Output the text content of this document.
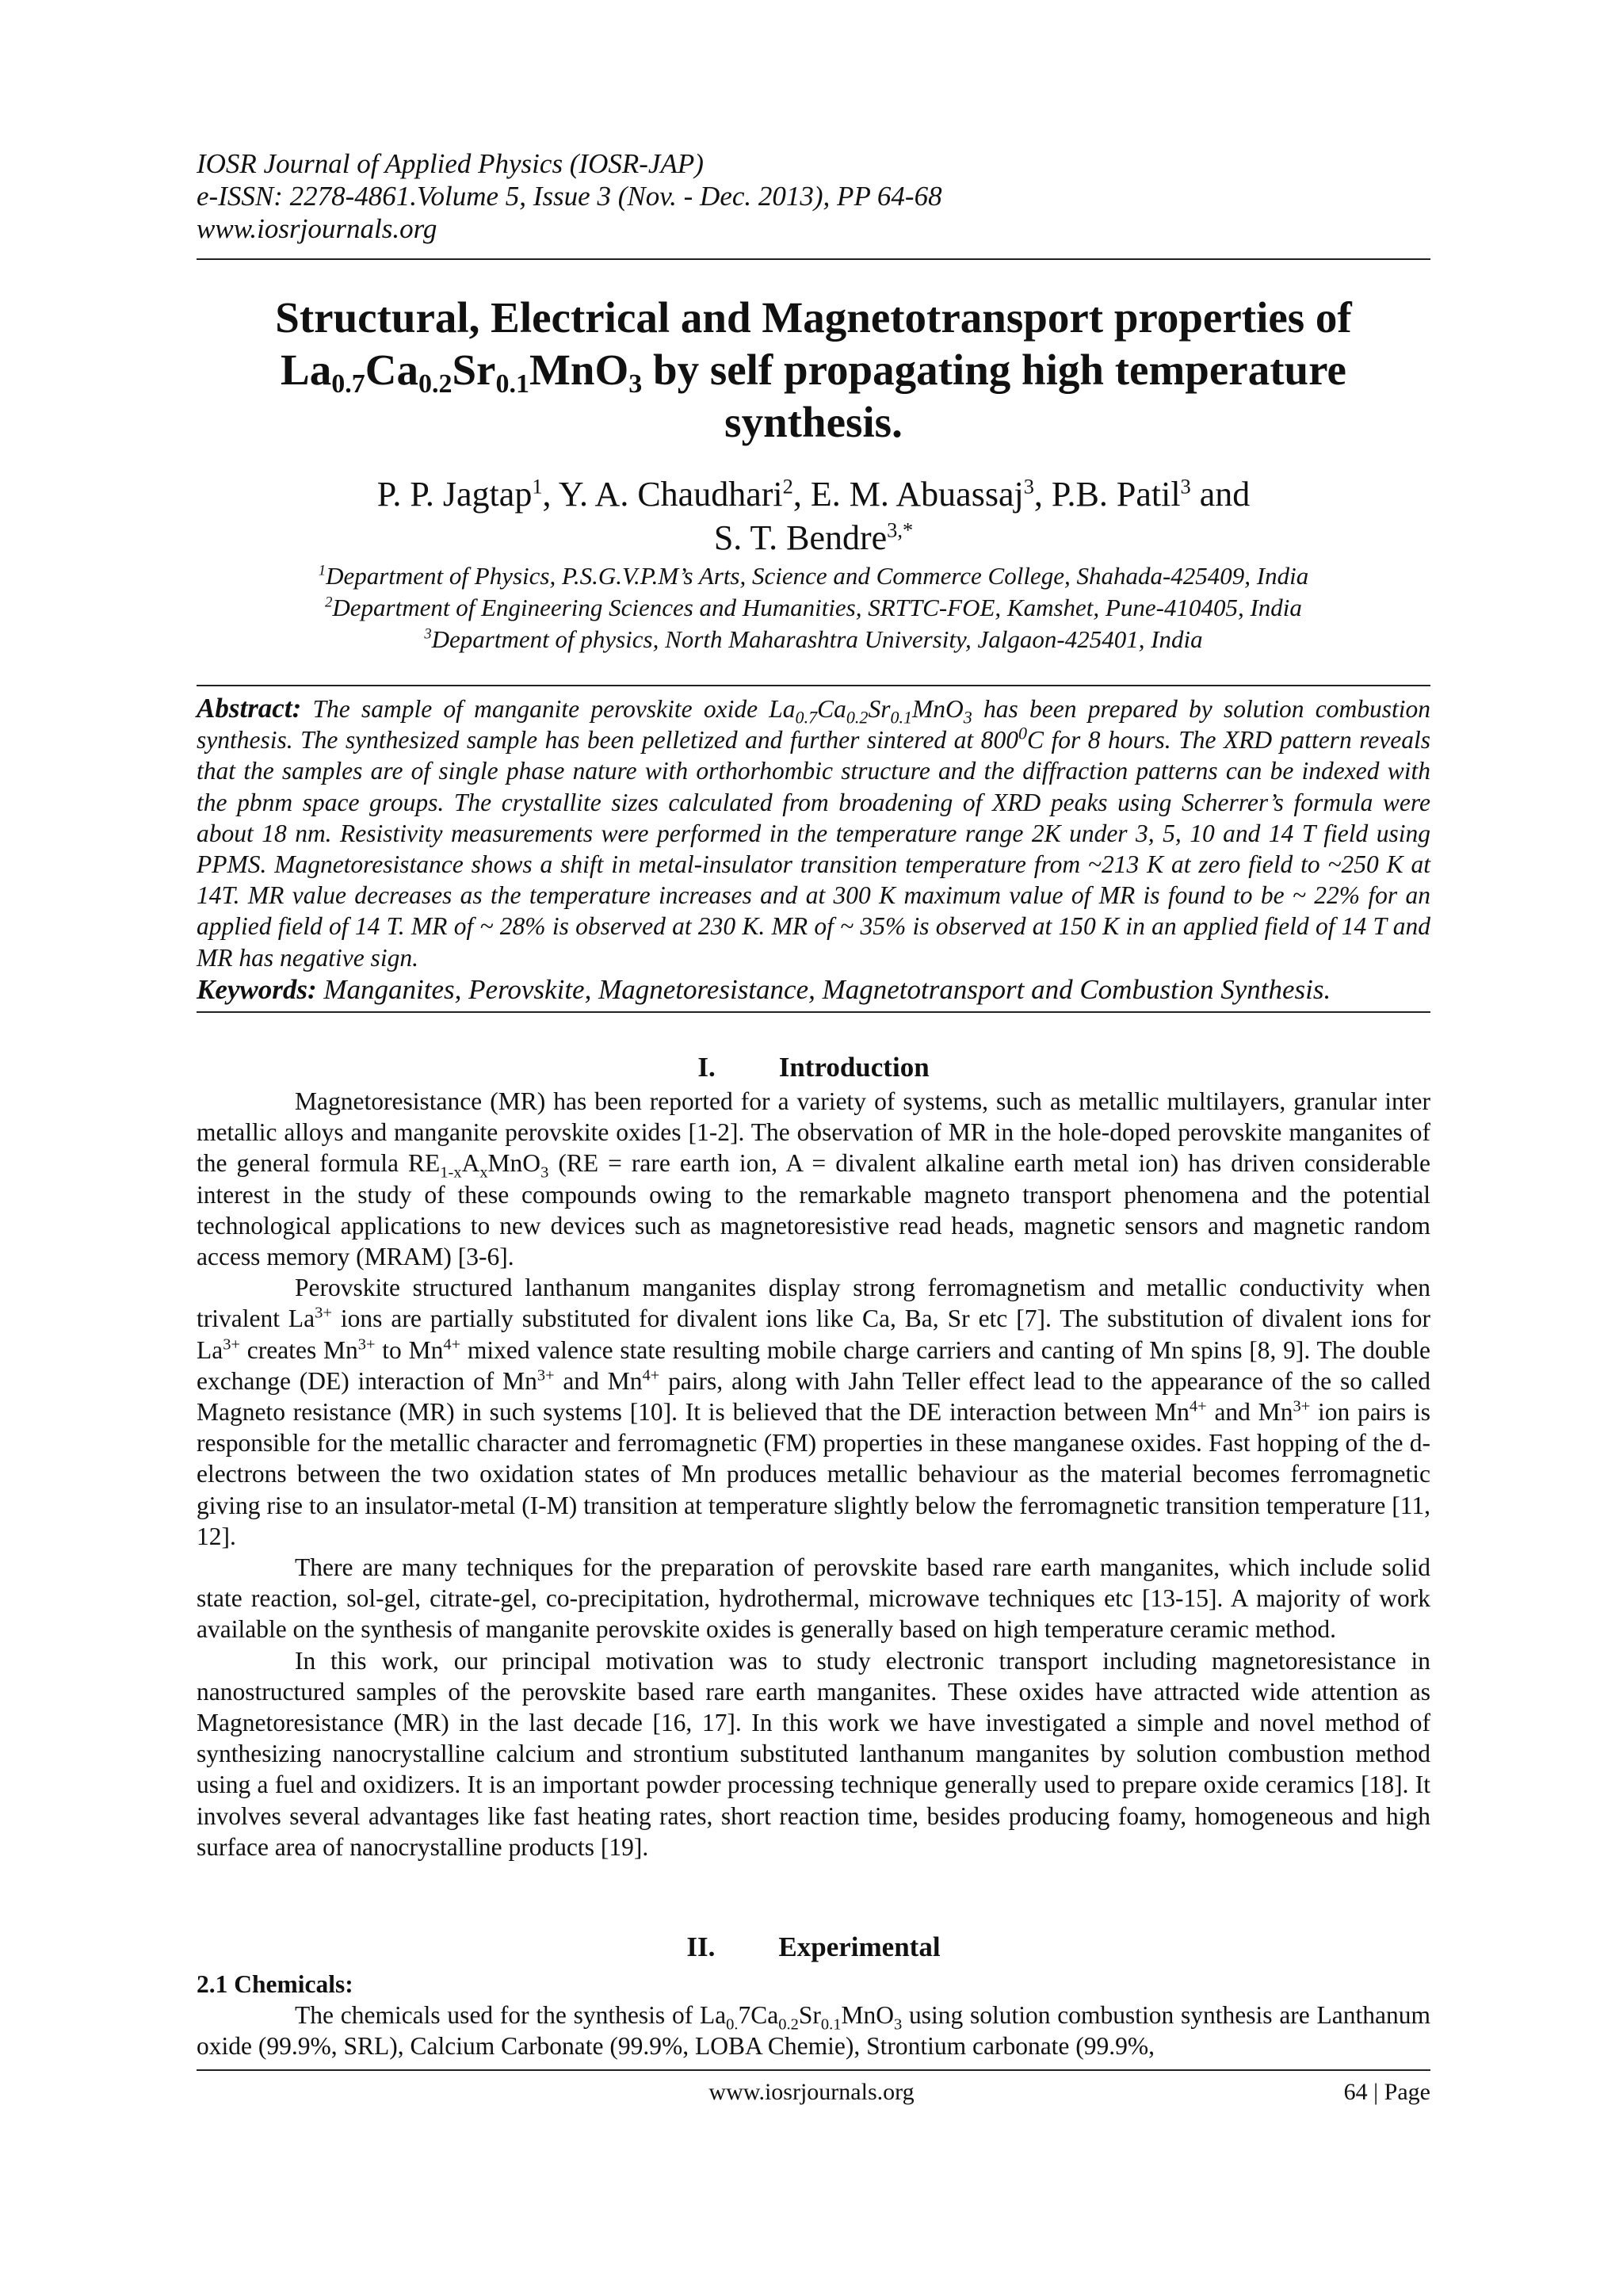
IOSR Journal of Applied Physics (IOSR-JAP)
e-ISSN: 2278-4861.Volume 5, Issue 3 (Nov. - Dec. 2013), PP 64-68
www.iosrjournals.org
Structural, Electrical and Magnetotransport properties of
$La_{0.7}Ca_{0.2}Sr_{0.1}MnO_3$ by self propagating high temperature
synthesis.
P. P. Jagtap$^1$, Y. A. Chaudhari$^2$, E. M. Abuassaj$^3$, P.B. Patil$^3$ and
S. T. Bendre$^{3,*}$
$^1$Department of Physics, P.S.G.V.P.M’s Arts, Science and Commerce College, Shahada-425409, India
$^2$Department of Engineering Sciences and Humanities, SRTTC-FOE, Kamshet, Pune-410405, India
$^3$Department of physics, North Maharashtra University, Jalgaon-425401, India
Abstract: The sample of manganite perovskite oxide $La_{0.7}Ca_{0.2}Sr_{0.1}MnO_3$ has been prepared by solution combustion synthesis. The synthesized sample has been pelletized and further sintered at $800^0C$ for 8 hours. The XRD pattern reveals that the samples are of single phase nature with orthorhombic structure and the diffraction patterns can be indexed with the pbnm space groups. The crystallite sizes calculated from broadening of XRD peaks using Scherrer’s formula were about 18 nm. Resistivity measurements were performed in the temperature range 2K under 3, 5, 10 and 14 T field using PPMS. Magnetoresistance shows a shift in metal-insulator transition temperature from ~213 K at zero field to ~250 K at 14T. MR value decreases as the temperature increases and at 300 K maximum value of MR is found to be ~ 22% for an applied field of 14 T. MR of ~ 28% is observed at 230 K. MR of ~ 35% is observed at 150 K in an applied field of 14 T and MR has negative sign.
Keywords: Manganites, Perovskite, Magnetoresistance, Magnetotransport and Combustion Synthesis.
I. Introduction

Magnetoresistance (MR) has been reported for a variety of systems, such as metallic multilayers, granular inter metallic alloys and manganite perovskite oxides [1-2]. The observation of MR in the hole-doped perovskite manganites of the general formula $RE_{1-x}A_xMnO_3$ (RE = rare earth ion, A = divalent alkaline earth metal ion) has driven considerable interest in the study of these compounds owing to the remarkable magneto transport phenomena and the potential technological applications to new devices such as magnetoresistive read heads, magnetic sensors and magnetic random access memory (MRAM) [3-6].

Perovskite structured lanthanum manganites display strong ferromagnetism and metallic conductivity when trivalent $La^{3+}$ ions are partially substituted for divalent ions like Ca, Ba, Sr etc [7]. The substitution of divalent ions for $La^{3+}$ creates $Mn^{3+}$ to $Mn^{4+}$ mixed valence state resulting mobile charge carriers and canting of Mn spins [8, 9]. The double exchange (DE) interaction of $Mn^{3+}$ and $Mn^{4+}$ pairs, along with Jahn Teller effect lead to the appearance of the so called Magneto resistance (MR) in such systems [10]. It is believed that the DE interaction between $Mn^{4+}$ and $Mn^{3+}$ ion pairs is responsible for the metallic character and ferromagnetic (FM) properties in these manganese oxides. Fast hopping of the d-electrons between the two oxidation states of Mn produces metallic behaviour as the material becomes ferromagnetic giving rise to an insulator-metal (I-M) transition at temperature slightly below the ferromagnetic transition temperature [11, 12].

There are many techniques for the preparation of perovskite based rare earth manganites, which include solid state reaction, sol-gel, citrate-gel, co-precipitation, hydrothermal, microwave techniques etc [13-15]. A majority of work available on the synthesis of manganite perovskite oxides is generally based on high temperature ceramic method.

In this work, our principal motivation was to study electronic transport including magnetoresistance in nanostructured samples of the perovskite based rare earth manganites. These oxides have attracted wide attention as Magnetoresistance (MR) in the last decade [16, 17]. In this work we have investigated a simple and novel method of synthesizing nanocrystalline calcium and strontium substituted lanthanum manganites by solution combustion method using a fuel and oxidizers. It is an important powder processing technique generally used to prepare oxide ceramics [18]. It involves several advantages like fast heating rates, short reaction time, besides producing foamy, homogeneous and high surface area of nanocrystalline products [19].

II. Experimental
2.1 Chemicals:

The chemicals used for the synthesis of $La_{0.}7Ca_{0.2}Sr_{0.1}MnO_3$ using solution combustion synthesis are Lanthanum oxide (99.9%, SRL), Calcium Carbonate (99.9%, LOBA Chemie), Strontium carbonate (99.9%,

www.iosrjournals.org	64 | Page
